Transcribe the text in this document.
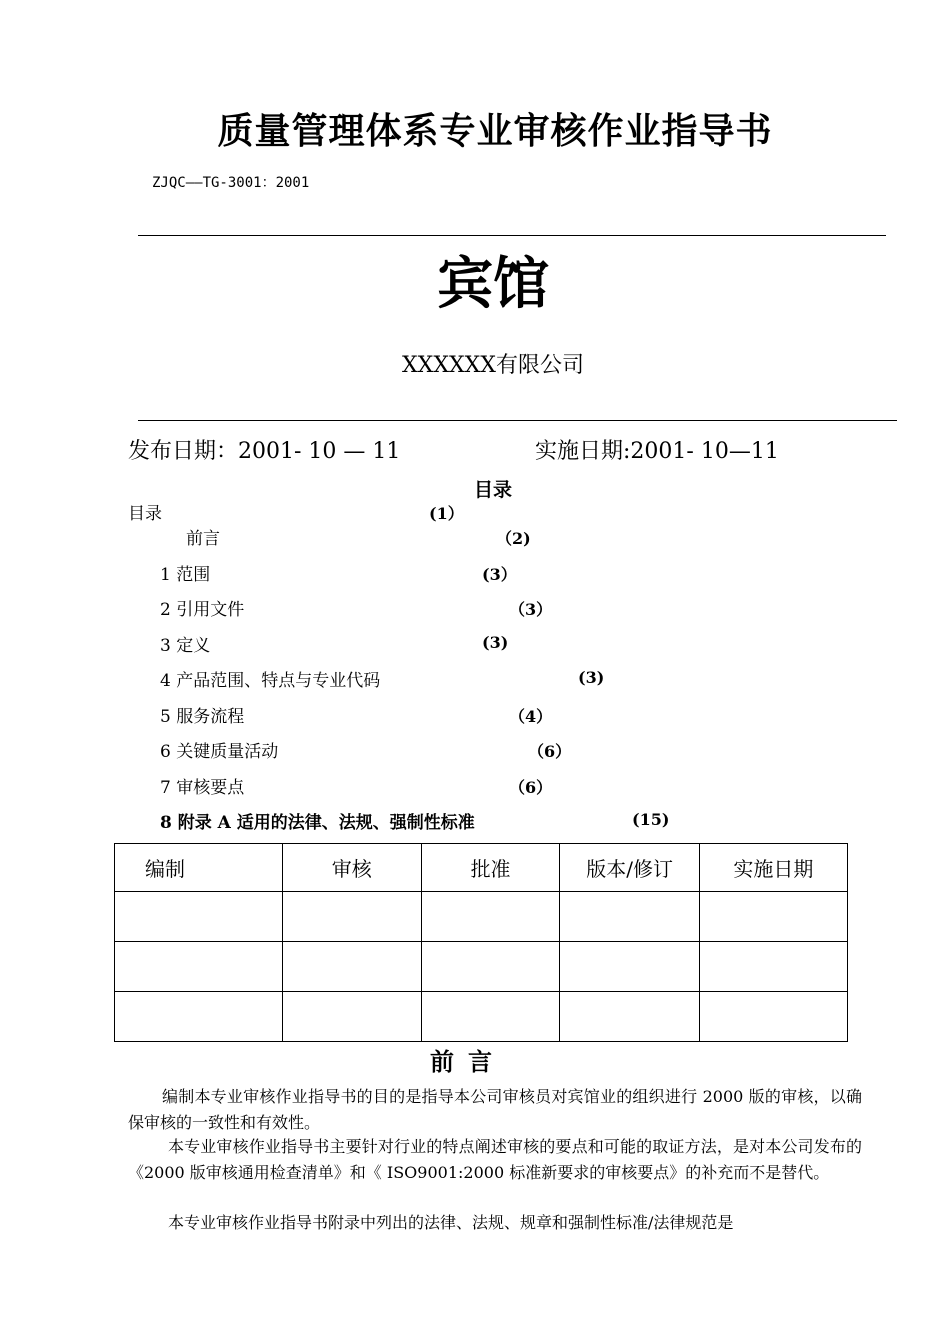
质量管理体系专业审核作业指导书
ZJQC——TG-3001：2001
宾馆
XXXXXX有限公司
发布日期：2001- 10 — 11	实施日期:2001- 10—11
目录
目录	(1）
前言	（2)
1 范围	(3）
2 引用文件	（3）
3 定义	(3)
4 产品范围、特点与专业代码	(3)
5 服务流程	（4）
6 关键质量活动	（6）
7 审核要点	（6）
8 附录 A 适用的法律、法规、强制性标准	(15)
编制	审核	批准	版本/修订	实施日期

前言
编制本专业审核作业指导书的目的是指导本公司审核员对宾馆业的组织进行 2000 版的审核，以确保审核的一致性和有效性。
本专业审核作业指导书主要针对行业的特点阐述审核的要点和可能的取证方法，是对本公司发布的《2000 版审核通用检查清单》和《 ISO9001:2000 标准新要求的审核要点》的补充而不是替代。
本专业审核作业指导书附录中列出的法律、法规、规章和强制性标准/法律规范是
